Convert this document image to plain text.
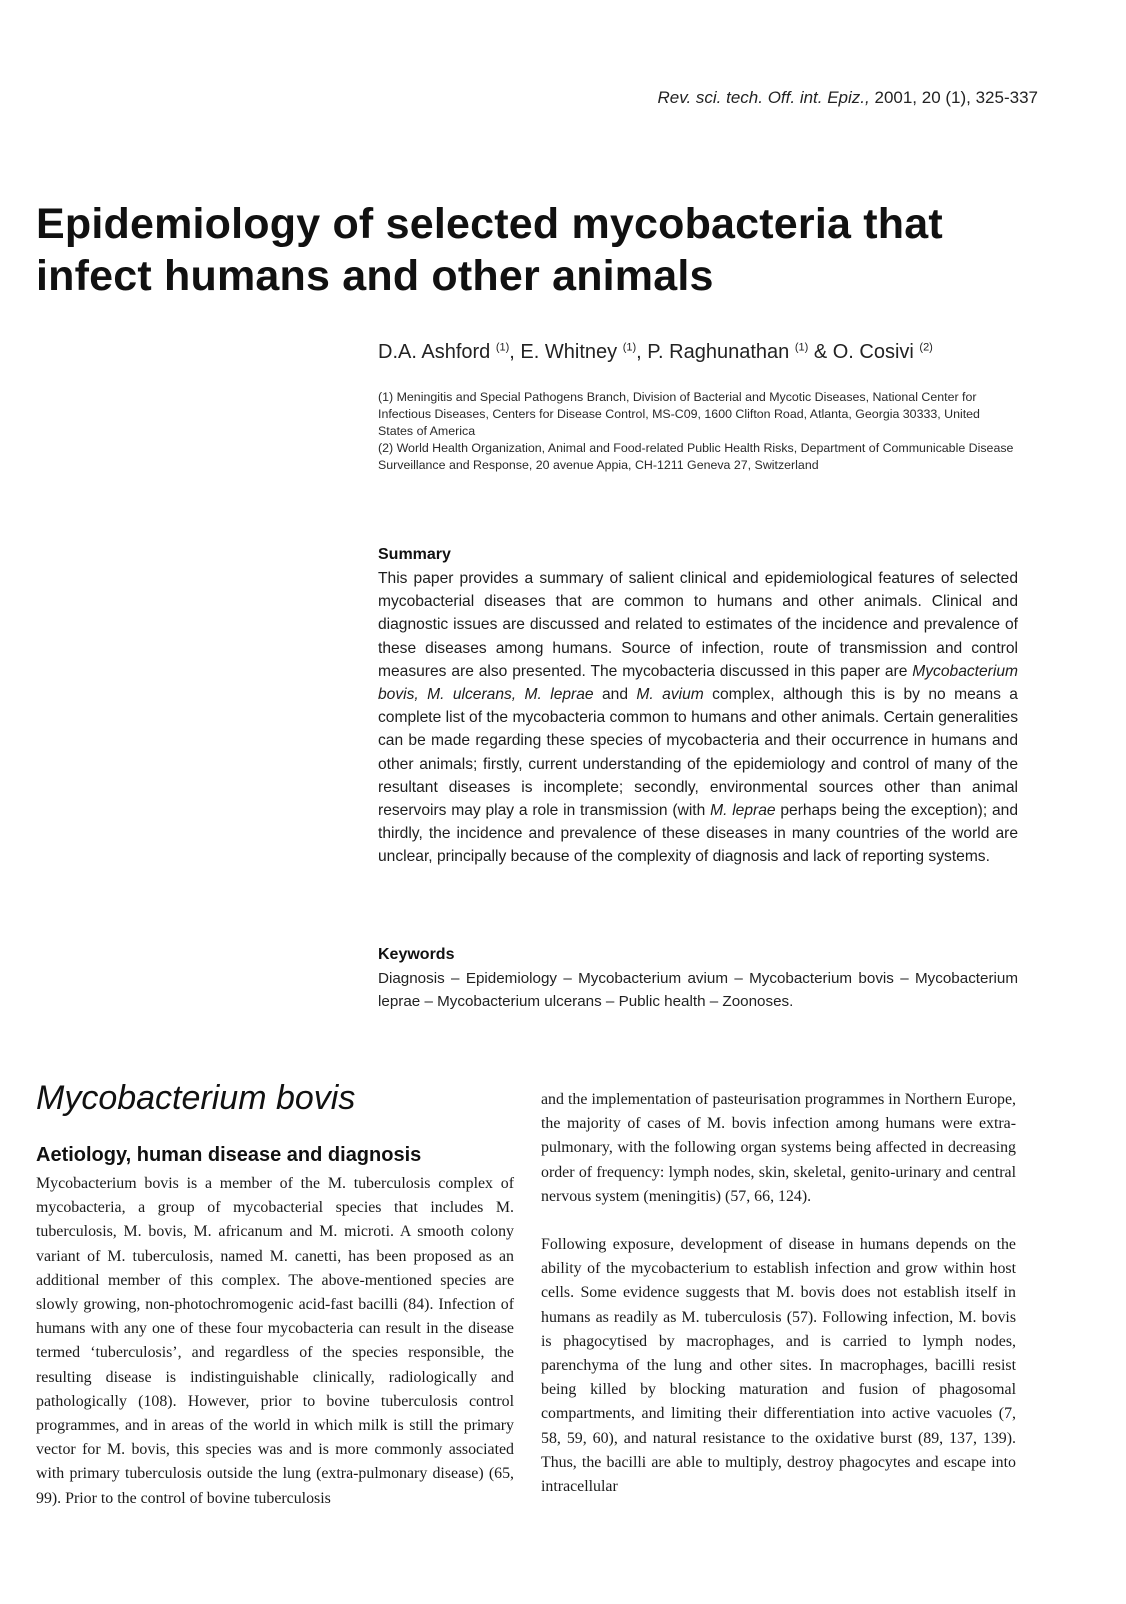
Rev. sci. tech. Off. int. Epiz., 2001, 20 (1), 325-337
Epidemiology of selected mycobacteria that infect humans and other animals
D.A. Ashford $^{(1)}$, E. Whitney $^{(1)}$, P. Raghunathan $^{(1)}$ & O. Cosivi $^{(2)}$

(1) Meningitis and Special Pathogens Branch, Division of Bacterial and Mycotic Diseases, National Center for Infectious Diseases, Centers for Disease Control, MS-C09, 1600 Clifton Road, Atlanta, Georgia 30333, United States of America

(2) World Health Organization, Animal and Food-related Public Health Risks, Department of Communicable Disease Surveillance and Response, 20 avenue Appia, CH-1211 Geneva 27, Switzerland

Summary

This paper provides a summary of salient clinical and epidemiological features of selected mycobacterial diseases that are common to humans and other animals. Clinical and diagnostic issues are discussed and related to estimates of the incidence and prevalence of these diseases among humans. Source of infection, route of transmission and control measures are also presented. The mycobacteria discussed in this paper are Mycobacterium bovis, M. ulcerans, M. leprae and M. avium complex, although this is by no means a complete list of the mycobacteria common to humans and other animals. Certain generalities can be made regarding these species of mycobacteria and their occurrence in humans and other animals; firstly, current understanding of the epidemiology and control of many of the resultant diseases is incomplete; secondly, environmental sources other than animal reservoirs may play a role in transmission (with M. leprae perhaps being the exception); and thirdly, the incidence and prevalence of these diseases in many countries of the world are unclear, principally because of the complexity of diagnosis and lack of reporting systems.

Keywords

Diagnosis – Epidemiology – Mycobacterium avium – Mycobacterium bovis – Mycobacterium leprae – Mycobacterium ulcerans – Public health – Zoonoses.

Mycobacterium bovis
Aetiology, human disease and diagnosis

Mycobacterium bovis is a member of the M. tuberculosis complex of mycobacteria, a group of mycobacterial species that includes M. tuberculosis, M. bovis, M. africanum and M. microti. A smooth colony variant of M. tuberculosis, named M. canetti, has been proposed as an additional member of this complex. The above-mentioned species are slowly growing, non-photochromogenic acid-fast bacilli (84). Infection of humans with any one of these four mycobacteria can result in the disease termed ‘tuberculosis’, and regardless of the species responsible, the resulting disease is indistinguishable clinically, radiologically and pathologically (108). However, prior to bovine tuberculosis control programmes, and in areas of the world in which milk is still the primary vector for M. bovis, this species was and is more commonly associated with primary tuberculosis outside the lung (extra-pulmonary disease) (65, 99). Prior to the control of bovine tuberculosis

and the implementation of pasteurisation programmes in Northern Europe, the majority of cases of M. bovis infection among humans were extra-pulmonary, with the following organ systems being affected in decreasing order of frequency: lymph nodes, skin, skeletal, genito-urinary and central nervous system (meningitis) (57, 66, 124).

Following exposure, development of disease in humans depends on the ability of the mycobacterium to establish infection and grow within host cells. Some evidence suggests that M. bovis does not establish itself in humans as readily as M. tuberculosis (57). Following infection, M. bovis is phagocytised by macrophages, and is carried to lymph nodes, parenchyma of the lung and other sites. In macrophages, bacilli resist being killed by blocking maturation and fusion of phagosomal compartments, and limiting their differentiation into active vacuoles (7, 58, 59, 60), and natural resistance to the oxidative burst (89, 137, 139). Thus, the bacilli are able to multiply, destroy phagocytes and escape into intracellular
